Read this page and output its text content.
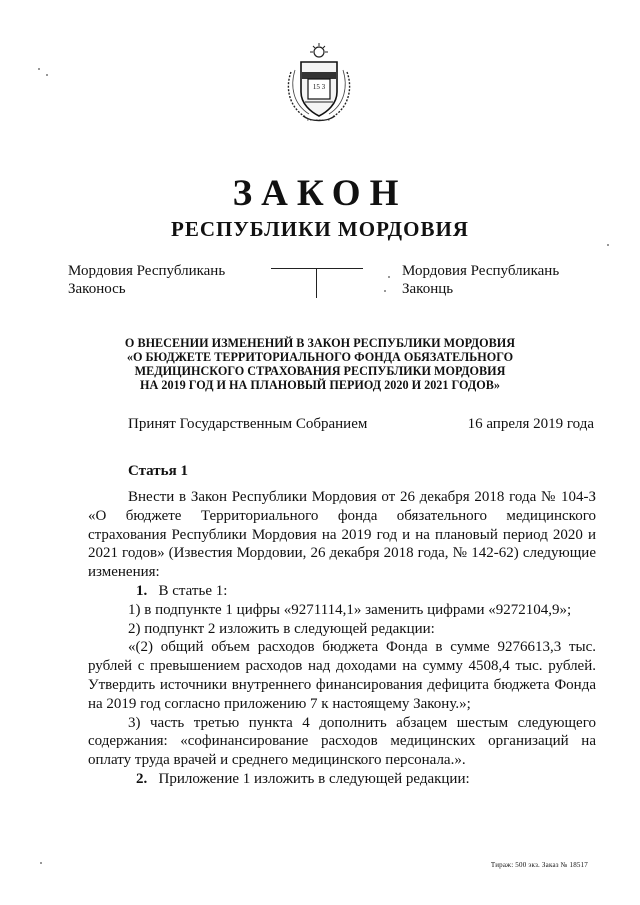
15 3
ЗАКОН
РЕСПУБЛИКИ МОРДОВИЯ
Мордовия Республикань
Законось
Мордовия Республикань
Законць
О ВНЕСЕНИИ ИЗМЕНЕНИЙ В ЗАКОН РЕСПУБЛИКИ МОРДОВИЯ
«О БЮДЖЕТЕ ТЕРРИТОРИАЛЬНОГО ФОНДА ОБЯЗАТЕЛЬНОГО
МЕДИЦИНСКОГО СТРАХОВАНИЯ РЕСПУБЛИКИ МОРДОВИЯ
НА 2019 ГОД И НА ПЛАНОВЫЙ ПЕРИОД 2020 И 2021 ГОДОВ»
Принят Государственным Собранием	16 апреля 2019 года
Статья 1

Внести в Закон Республики Мордовия от 26 декабря 2018 года № 104-З «О бюджете Территориального фонда обязательного медицинского страхования Республики Мордовия на 2019 год и на плановый период 2020 и 2021 годов» (Известия Мордовии, 26 декабря 2018 года, № 142-62) следующие изменения:

1. В статье 1:

1) в подпункте 1 цифры «9271114,1» заменить цифрами «9272104,9»;

2) подпункт 2 изложить в следующей редакции:

«(2) общий объем расходов бюджета Фонда в сумме 9276613,3 тыс. рублей с превышением расходов над доходами на сумму 4508,4 тыс. рублей. Утвердить источники внутреннего финансирования дефицита бюджета Фонда на 2019 год согласно приложению 7 к настоящему Закону.»;

3) часть третью пункта 4 дополнить абзацем шестым следующего содержания: «софинансирование расходов медицинских организаций на оплату труда врачей и среднего медицинского персонала.».

2. Приложение 1 изложить в следующей редакции:

Тираж: 500 экз. Заказ № 18517
